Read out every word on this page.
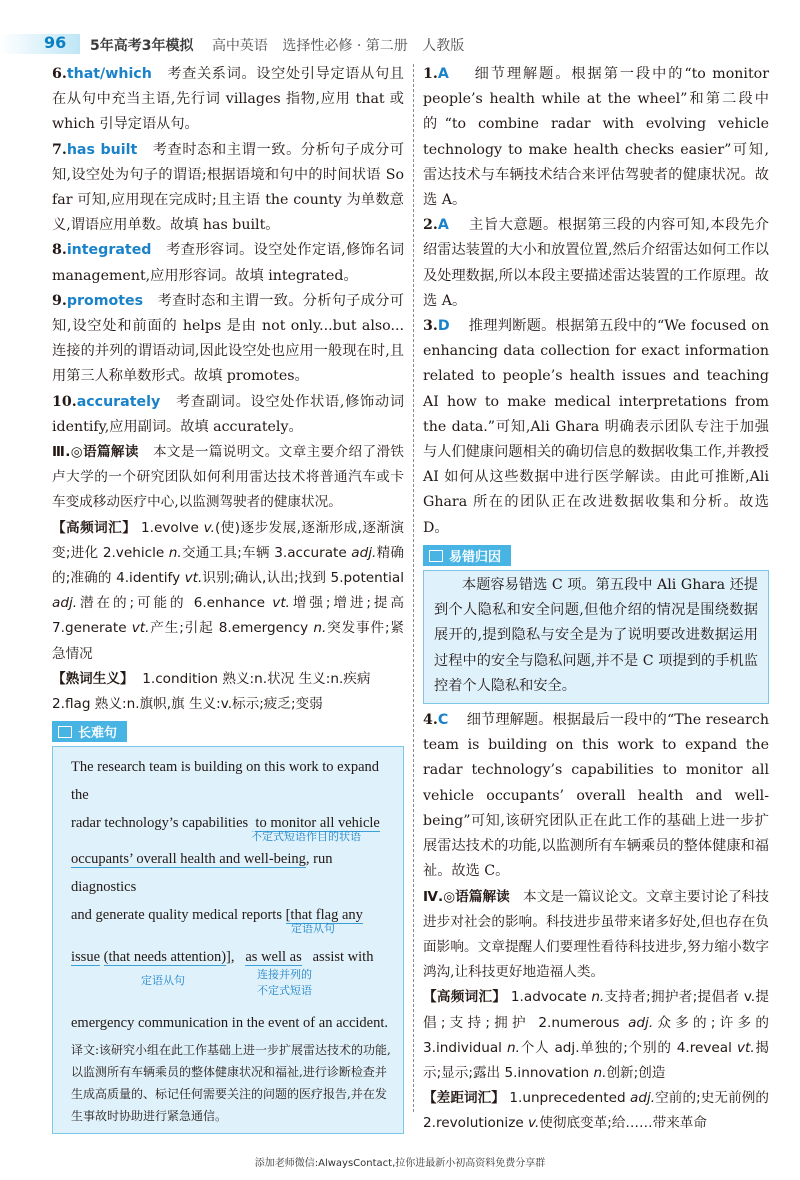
96 5年高考3年模拟 高中英语 选择性必修 · 第二册 人教版

6.that/which 考查关系词。设空处引导定语从句且在从句中充当主语,先行词 villages 指物,应用 that 或 which 引导定语从句。

7.has built 考查时态和主谓一致。分析句子成分可知,设空处为句子的谓语;根据语境和句中的时间状语 So far 可知,应用现在完成时;且主语 the county 为单数意义,谓语应用单数。故填 has built。

8.integrated 考查形容词。设空处作定语,修饰名词 management,应用形容词。故填 integrated。

9.promotes 考查时态和主谓一致。分析句子成分可知,设空处和前面的 helps 是由 not only...but also...连接的并列的谓语动词,因此设空处也应用一般现在时,且用第三人称单数形式。故填 promotes。

10.accurately 考查副词。设空处作状语,修饰动词 identify,应用副词。故填 accurately。

Ⅲ.◎语篇解读 本文是一篇说明文。文章主要介绍了滑铁卢大学的一个研究团队如何利用雷达技术将普通汽车或卡车变成移动医疗中心,以监测驾驶者的健康状况。

【高频词汇】 1.evolve v.(使)逐步发展,逐渐形成,逐渐演变;进化 2.vehicle n.交通工具;车辆 3.accurate adj.精确的;准确的 4.identify vt.识别;确认,认出;找到 5.potential adj.潜在的;可能的 6.enhance vt.增强;增进;提高 7.generate vt.产生;引起 8.emergency n.突发事件;紧急情况

【熟词生义】 1.condition 熟义:n.状况 生义:n.疾病
2.flag 熟义:n.旗帜,旗 生义:v.标示;疲乏;变弱

长难句

The research team is building on this work to expand the

radar technology’s capabilities to monitor all vehicle

不定式短语作目的状语

occupants’ overall health and well-being, run diagnostics

and generate quality medical reports [that flag any

定语从句

issue (that needs attention)], as well as assist with

定语从句	连接并列的
不定式短语

emergency communication in the event of an accident.

译文:该研究小组在此工作基础上进一步扩展雷达技术的功能,以监测所有车辆乘员的整体健康状况和福祉,进行诊断检查并生成高质量的、标记任何需要关注的问题的医疗报告,并在发生事故时协助进行紧急通信。

1.A 细节理解题。根据第一段中的“to monitor people’s health while at the wheel”和第二段中的“to combine radar with evolving vehicle technology to make health checks easier”可知,雷达技术与车辆技术结合来评估驾驶者的健康状况。故选 A。

2.A 主旨大意题。根据第三段的内容可知,本段先介绍雷达装置的大小和放置位置,然后介绍雷达如何工作以及处理数据,所以本段主要描述雷达装置的工作原理。故选 A。

3.D 推理判断题。根据第五段中的“We focused on enhancing data collection for exact information related to people’s health issues and teaching AI how to make medical interpretations from the data.”可知,Ali Ghara 明确表示团队专注于加强与人们健康问题相关的确切信息的数据收集工作,并教授 AI 如何从这些数据中进行医学解读。由此可推断,Ali Ghara 所在的团队正在改进数据收集和分析。故选 D。

易错归因

本题容易错选 C 项。第五段中 Ali Ghara 还提到个人隐私和安全问题,但他介绍的情况是围绕数据展开的,提到隐私与安全是为了说明要改进数据运用过程中的安全与隐私问题,并不是 C 项提到的手机监控着个人隐私和安全。

4.C 细节理解题。根据最后一段中的“The research team is building on this work to expand the radar technology’s capabilities to monitor all vehicle occupants’ overall health and well-being”可知,该研究团队正在此工作的基础上进一步扩展雷达技术的功能,以监测所有车辆乘员的整体健康和福祉。故选 C。

Ⅳ.◎语篇解读 本文是一篇议论文。文章主要讨论了科技进步对社会的影响。科技进步虽带来诸多好处,但也存在负面影响。文章提醒人们要理性看待科技进步,努力缩小数字鸿沟,让科技更好地造福人类。

【高频词汇】 1.advocate n.支持者;拥护者;提倡者 v.提倡;支持;拥护 2.numerous adj.众多的;许多的 3.individual n.个人 adj.单独的;个别的 4.reveal vt.揭示;显示;露出 5.innovation n.创新;创造

【差距词汇】 1.unprecedented adj.空前的;史无前例的 2.revolutionize v.使彻底变革;给……带来革命

添加老师微信:AlwaysContact,拉你进最新小初高资料免费分享群
